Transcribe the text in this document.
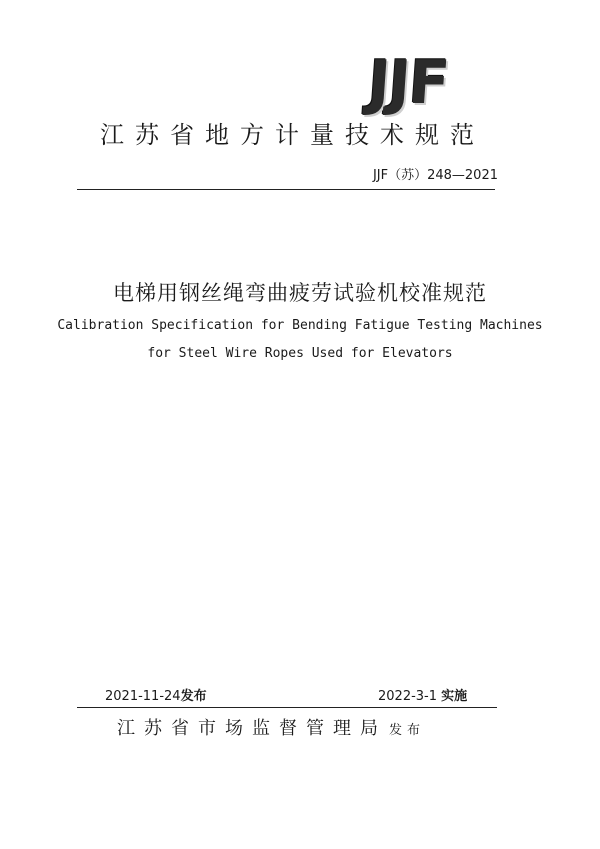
JJF
江苏省地方计量技术规范
JJF（苏）248—2021
电梯用钢丝绳弯曲疲劳试验机校准规范
Calibration Specification for Bending Fatigue Testing Machines
for Steel Wire Ropes Used for Elevators
2021-11-24发布	2022-3-1 实施
江苏省市场监督管理局 发布
